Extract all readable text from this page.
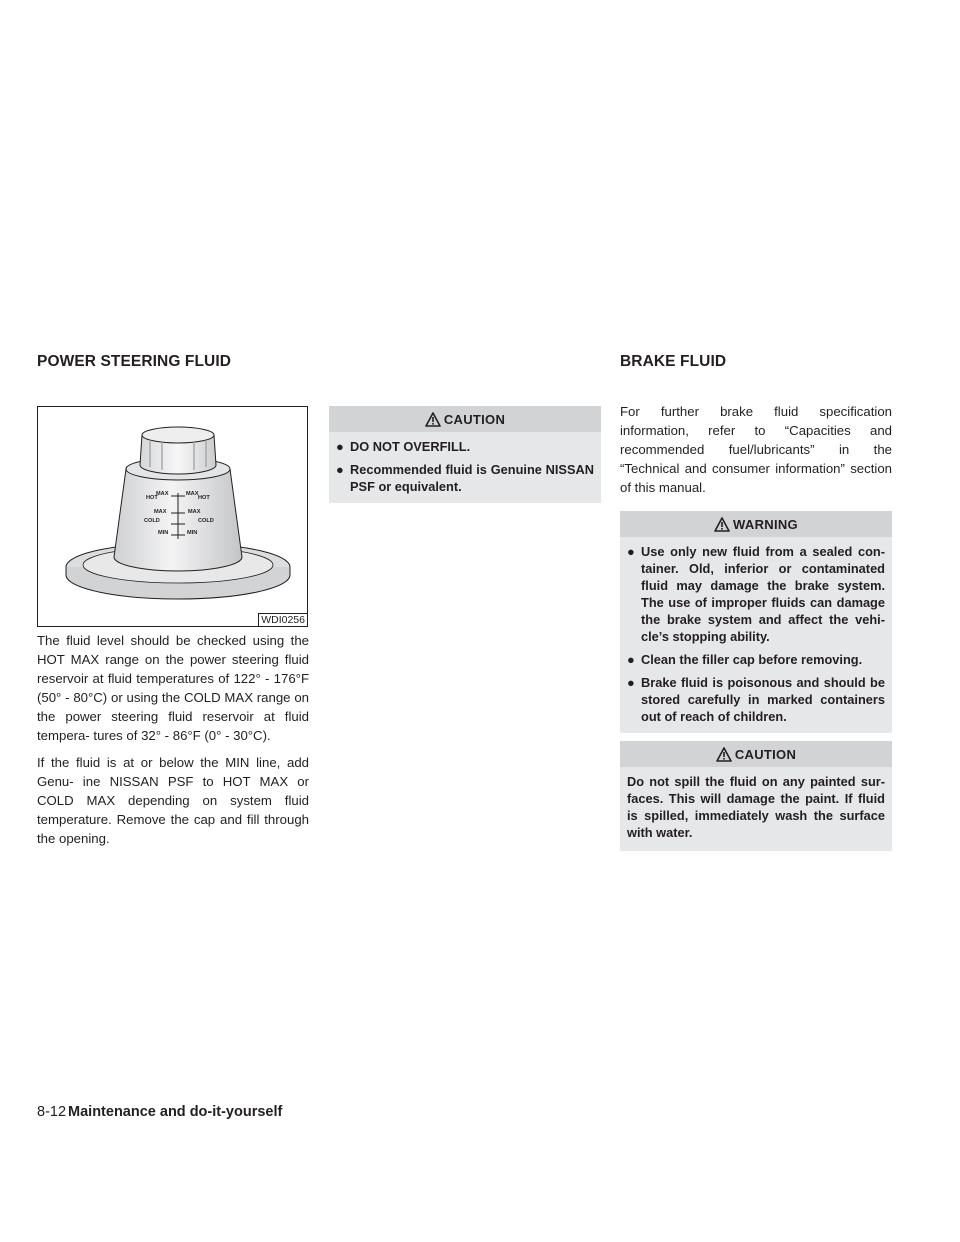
POWER STEERING FLUID	BRAKE FLUID
HOT
MAX
MAX
COLD
MIN
MAX
HOT
MAX
COLD
MIN
WDI0256

The fluid level should be checked using the HOT MAX range on the power steering fluid reservoir at fluid temperatures of 122° - 176°F (50° - 80°C) or using the COLD MAX range on the power steering fluid reservoir at fluid tempera- tures of 32° - 86°F (0° - 30°C).

If the fluid is at or below the MIN line, add Genu- ine NISSAN PSF to HOT MAX or COLD MAX depending on system fluid temperature. Remove the cap and fill through the opening.

CAUTION
● DO NOT OVERFILL.
● Recommended fluid is Genuine NISSAN PSF or equivalent.

For further brake fluid specification information, refer to “Capacities and recommended fuel/lubricants” in the “Technical and consumer information” section of this manual.

WARNING
● Use only new fluid from a sealed con- tainer. Old, inferior or contaminated fluid may damage the brake system. The use of improper fluids can damage the brake system and affect the vehi- cle’s stopping ability.
● Clean the filler cap before removing.
● Brake fluid is poisonous and should be stored carefully in marked containers out of reach of children.
CAUTION

Do not spill the fluid on any painted sur- faces. This will damage the paint. If fluid is spilled, immediately wash the surface with water.

8-12 Maintenance and do-it-yourself
